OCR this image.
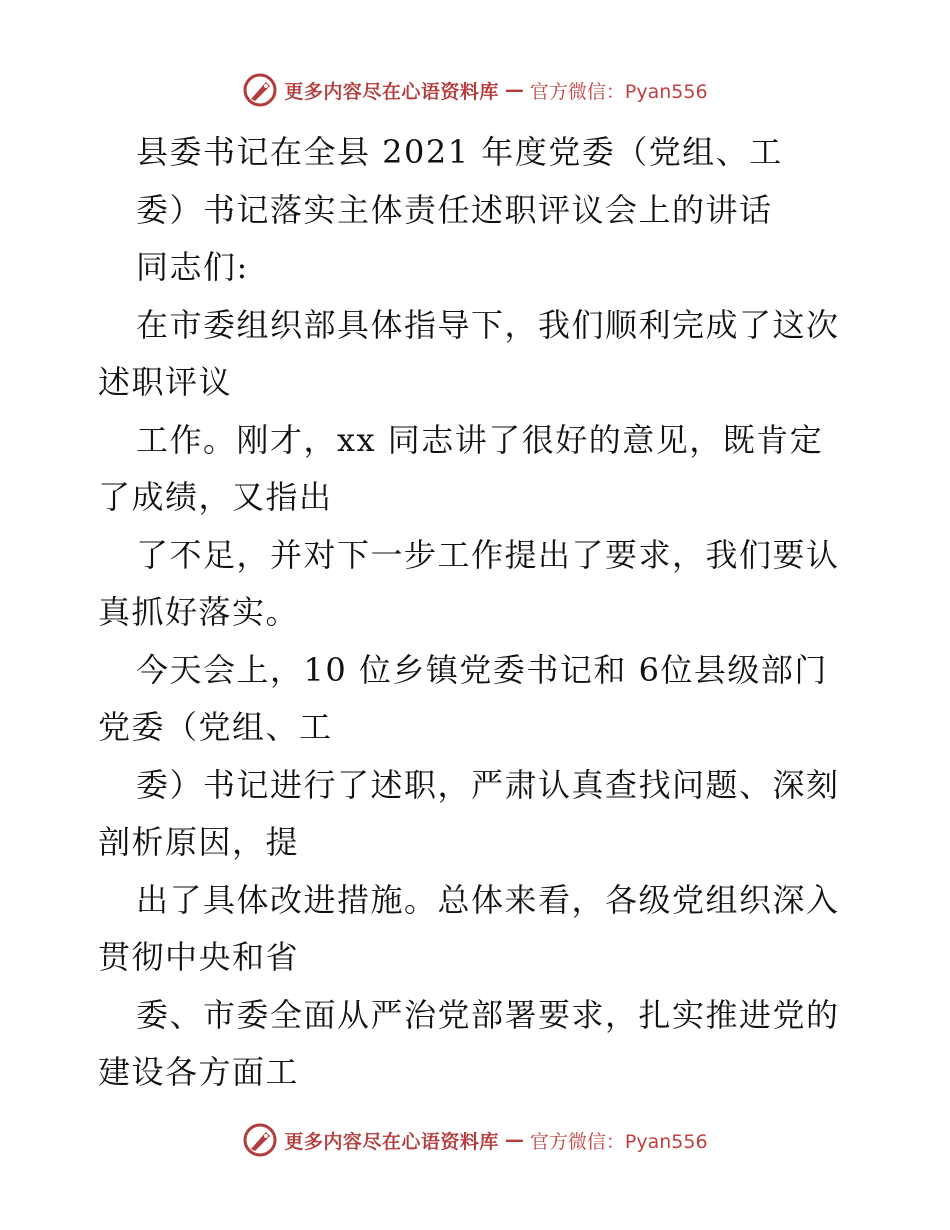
更多内容尽在心语资料库 — 官方微信：Pyan556
县委书记在全县 2021 年度党委（党组、工
委）书记落实主体责任述职评议会上的讲话
同志们:
在市委组织部具体指导下，我们顺利完成了这次
述职评议
工作。刚才，xx 同志讲了很好的意见，既肯定
了成绩，又指出
了不足，并对下一步工作提出了要求，我们要认
真抓好落实。
今天会上，10 位乡镇党委书记和 6位县级部门
党委（党组、工
委）书记进行了述职，严肃认真查找问题、深刻
剖析原因，提
出了具体改进措施。总体来看，各级党组织深入
贯彻中央和省
委、市委全面从严治党部署要求，扎实推进党的
建设各方面工
更多内容尽在心语资料库 — 官方微信：Pyan556
